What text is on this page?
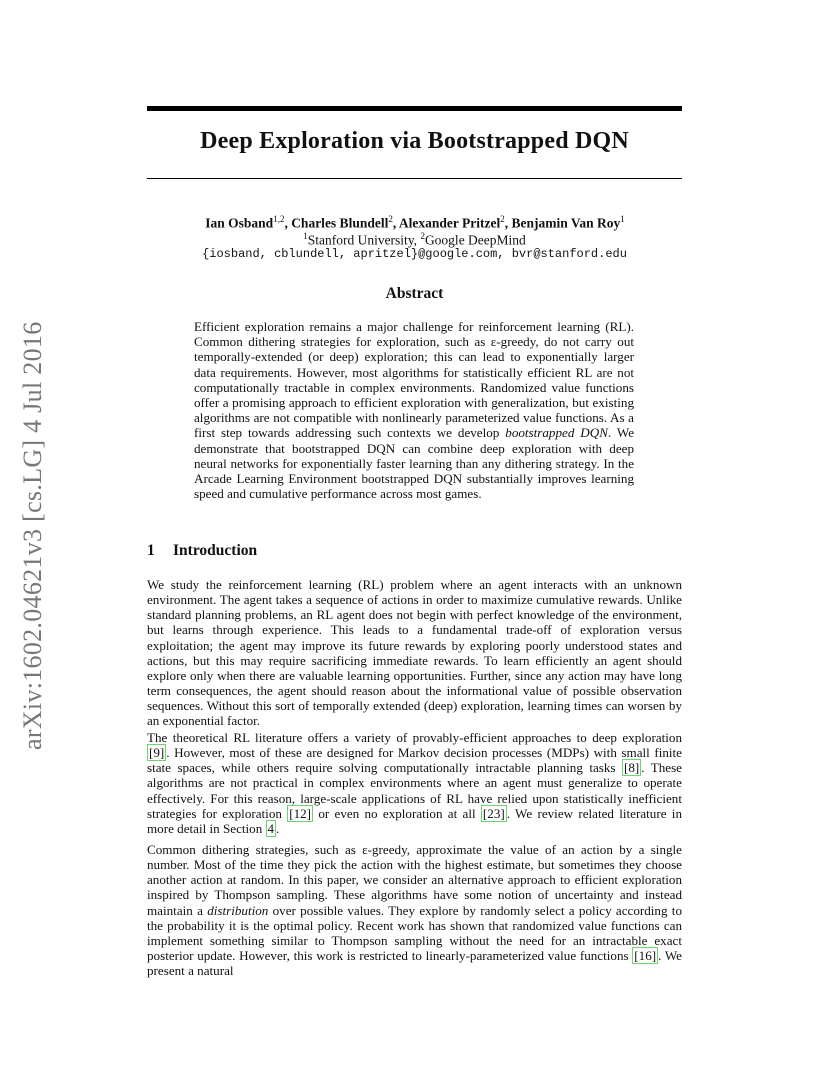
arXiv:1602.04621v3 [cs.LG] 4 Jul 2016
Deep Exploration via Bootstrapped DQN
Ian Osband$^{1,2}$, Charles Blundell$^2$, Alexander Pritzel$^2$, Benjamin Van Roy$^1$
$^1$Stanford University, $^2$Google DeepMind
{iosband, cblundell, apritzel}@google.com, bvr@stanford.edu
Abstract
Efficient exploration remains a major challenge for reinforcement learning (RL). Common dithering strategies for exploration, such as ε-greedy, do not carry out temporally-extended (or deep) exploration; this can lead to exponentially larger data requirements. However, most algorithms for statistically efficient RL are not computationally tractable in complex environments. Randomized value functions offer a promising approach to efficient exploration with generalization, but existing algorithms are not compatible with nonlinearly parameterized value functions. As a first step towards addressing such contexts we develop bootstrapped DQN. We demonstrate that bootstrapped DQN can combine deep exploration with deep neural networks for exponentially faster learning than any dithering strategy. In the Arcade Learning Environment bootstrapped DQN substantially improves learning speed and cumulative performance across most games.
1 Introduction
We study the reinforcement learning (RL) problem where an agent interacts with an unknown environment. The agent takes a sequence of actions in order to maximize cumulative rewards. Unlike standard planning problems, an RL agent does not begin with perfect knowledge of the environment, but learns through experience. This leads to a fundamental trade-off of exploration versus exploitation; the agent may improve its future rewards by exploring poorly understood states and actions, but this may require sacrificing immediate rewards. To learn efficiently an agent should explore only when there are valuable learning opportunities. Further, since any action may have long term consequences, the agent should reason about the informational value of possible observation sequences. Without this sort of temporally extended (deep) exploration, learning times can worsen by an exponential factor.
The theoretical RL literature offers a variety of provably-efficient approaches to deep exploration [9] . However, most of these are designed for Markov decision processes (MDPs) with small finite state spaces, while others require solving computationally intractable planning tasks [8] . These algorithms are not practical in complex environments where an agent must generalize to operate effectively. For this reason, large-scale applications of RL have relied upon statistically inefficient strategies for exploration [12] or even no exploration at all [23] . We review related literature in more detail in Section 4 .
Common dithering strategies, such as ε-greedy, approximate the value of an action by a single number. Most of the time they pick the action with the highest estimate, but sometimes they choose another action at random. In this paper, we consider an alternative approach to efficient exploration inspired by Thompson sampling. These algorithms have some notion of uncertainty and instead maintain a distribution over possible values. They explore by randomly select a policy according to the probability it is the optimal policy. Recent work has shown that randomized value functions can implement something similar to Thompson sampling without the need for an intractable exact posterior update. However, this work is restricted to linearly-parameterized value functions [16] . We present a natural
